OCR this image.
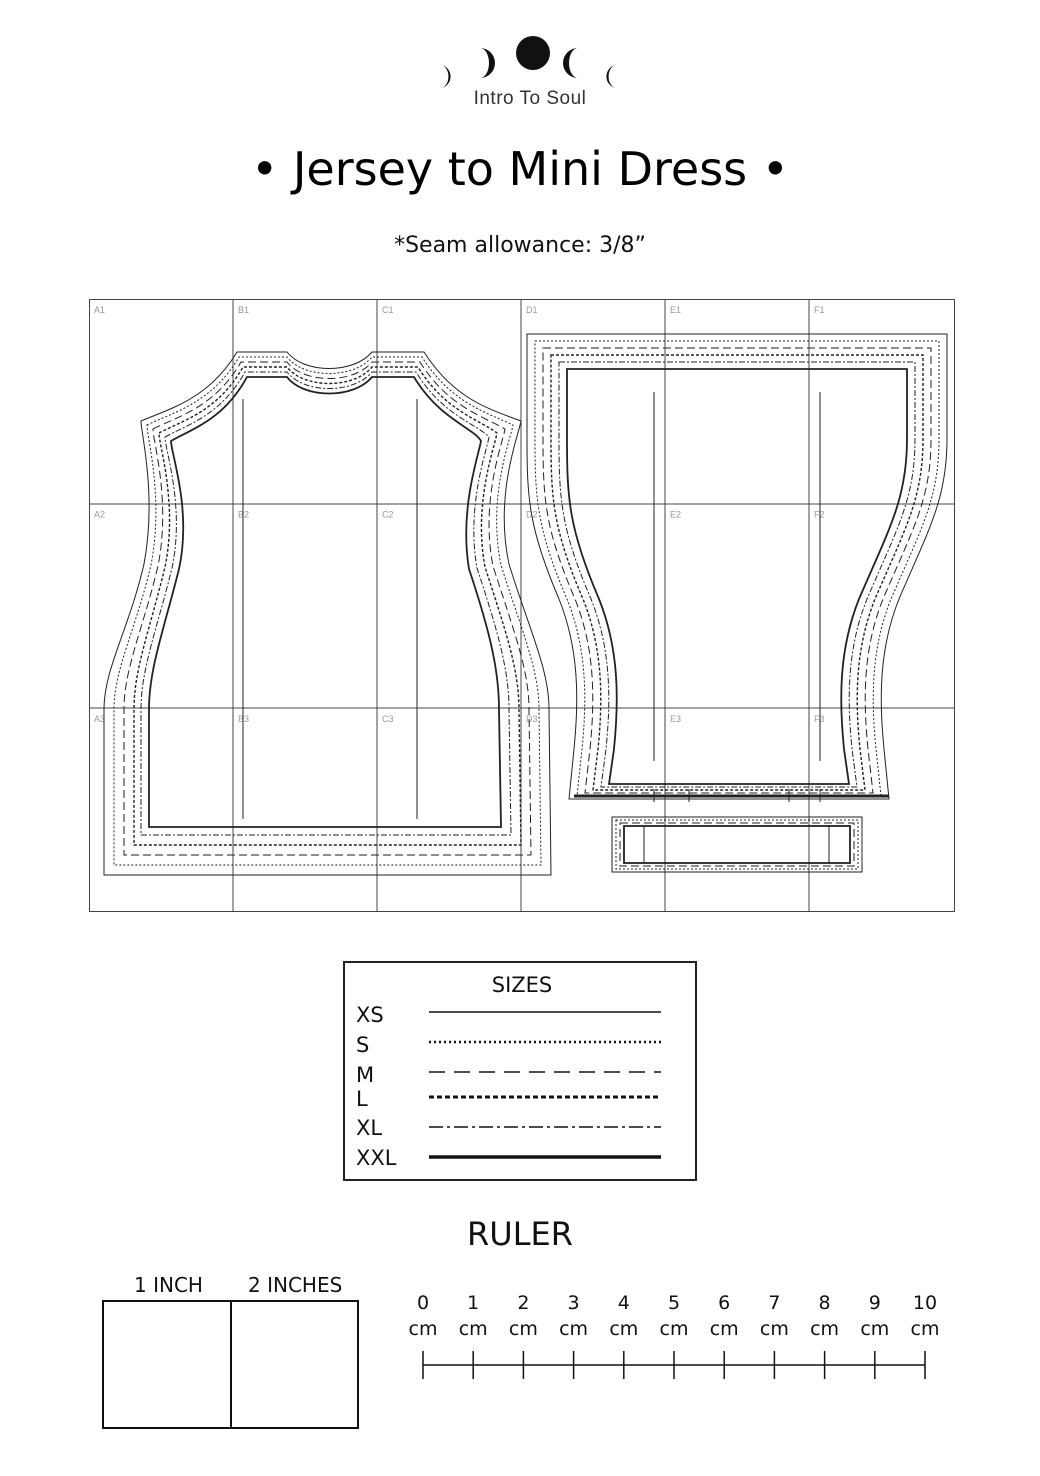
Intro To Soul
• Jersey to Mini Dress •
*Seam allowance: 3/8”
A1	B1	C1	D1	E1	F1
A2	B2	C2	D2	E2	F2
A3	B3	C3	D3	E3	F3
SIZES
XS
S
M
L
XL
XXL
RULER
1 INCH 2 INCHES
0
cm
1
cm
2
cm
3
cm
4
cm
5
cm
6
cm
7
cm
8
cm
9
cm
10
cm
